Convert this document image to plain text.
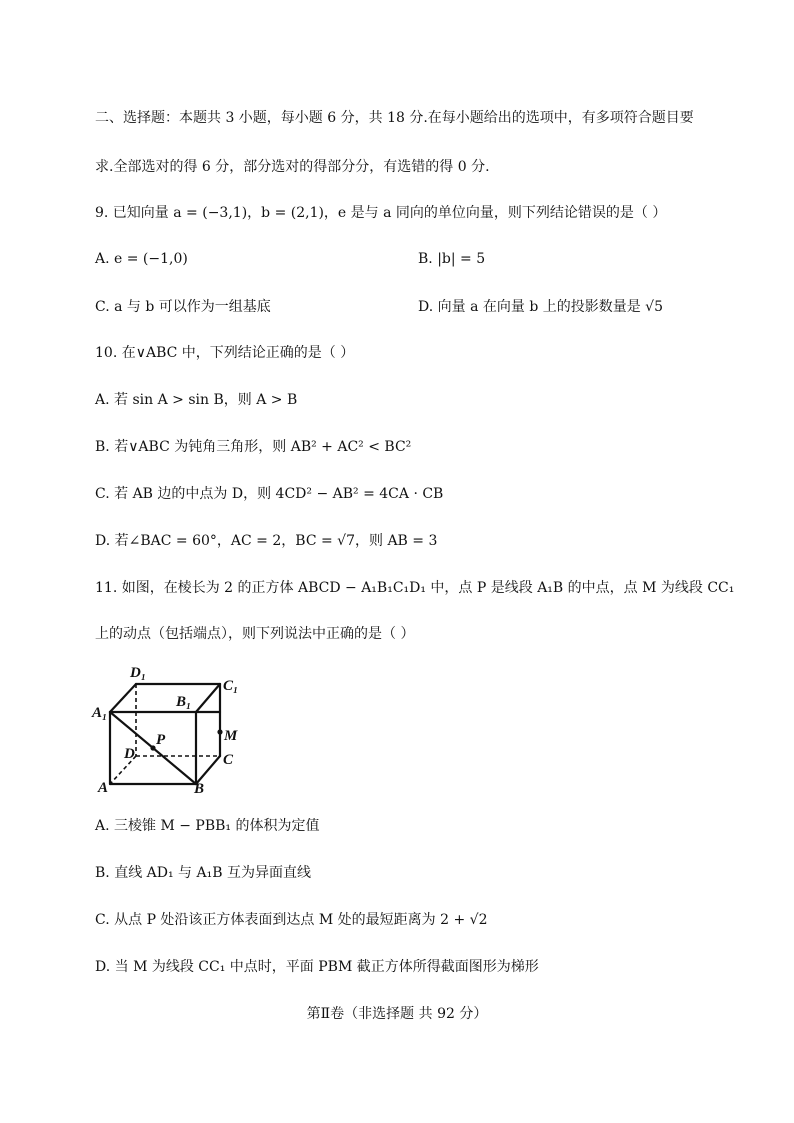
二、选择题：本题共 3 小题，每小题 6 分，共 18 分.在每小题给出的选项中，有多项符合题目要
求.全部选对的得 6 分，部分选对的得部分分，有选错的得 0 分.
9. 已知向量 a = (−3,1)，b = (2,1)，e 是与 a 同向的单位向量，则下列结论错误的是（ ）
A. e = (−1,0)	B. |b| = 5
C. a 与 b 可以作为一组基底	D. 向量 a 在向量 b 上的投影数量是 √5
10. 在∨ABC 中，下列结论正确的是（ ）
A. 若 sin A > sin B，则 A > B
B. 若∨ABC 为钝角三角形，则 AB² + AC² < BC²
C. 若 AB 边的中点为 D，则 4CD² − AB² = 4CA · CB
D. 若∠BAC = 60°，AC = 2，BC = √7，则 AB = 3
11. 如图，在棱长为 2 的正方体 ABCD − A₁B₁C₁D₁ 中，点 P 是线段 A₁B 的中点，点 M 为线段 CC₁
上的动点（包括端点），则下列说法中正确的是（ ）
A₁
D₁
B₁
C₁
M
C
D
P
A	B
A. 三棱锥 M − PBB₁ 的体积为定值
B. 直线 AD₁ 与 A₁B 互为异面直线
C. 从点 P 处沿该正方体表面到达点 M 处的最短距离为 2 + √2
D. 当 M 为线段 CC₁ 中点时，平面 PBM 截正方体所得截面图形为梯形
第Ⅱ卷（非选择题 共 92 分）
